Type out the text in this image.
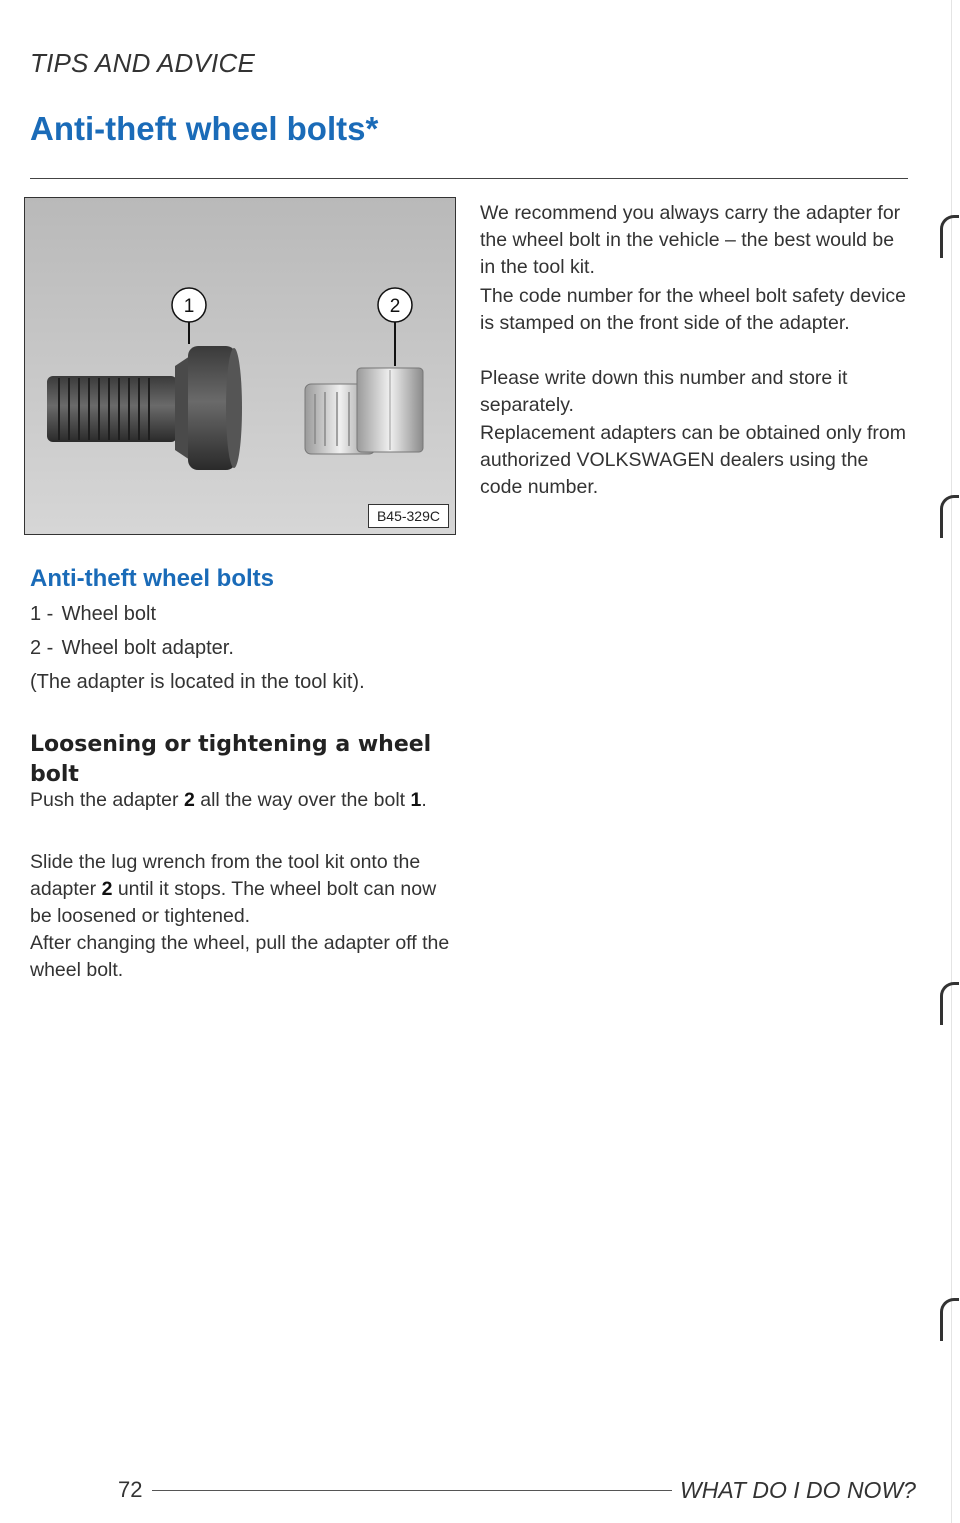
TIPS AND ADVICE
Anti-theft wheel bolts*
1	2
B45-329C
Anti-theft wheel bolts
1 - Wheel bolt
2 - Wheel bolt adapter.
(The adapter is located in the tool kit).
Loosening or tightening a wheel bolt
Push the adapter 2 all the way over the bolt 1.
Slide the lug wrench from the tool kit onto the adapter 2 until it stops. The wheel bolt can now be loosened or tightened.
After changing the wheel, pull the adapter off the wheel bolt.
We recommend you always carry the adapter for the wheel bolt in the vehicle – the best would be in the tool kit.
The code number for the wheel bolt safety device is stamped on the front side of the adapter.
Please write down this number and store it separately.
Replacement adapters can be obtained only from authorized VOLKSWAGEN dealers using the code number.
72	WHAT DO I DO NOW?
